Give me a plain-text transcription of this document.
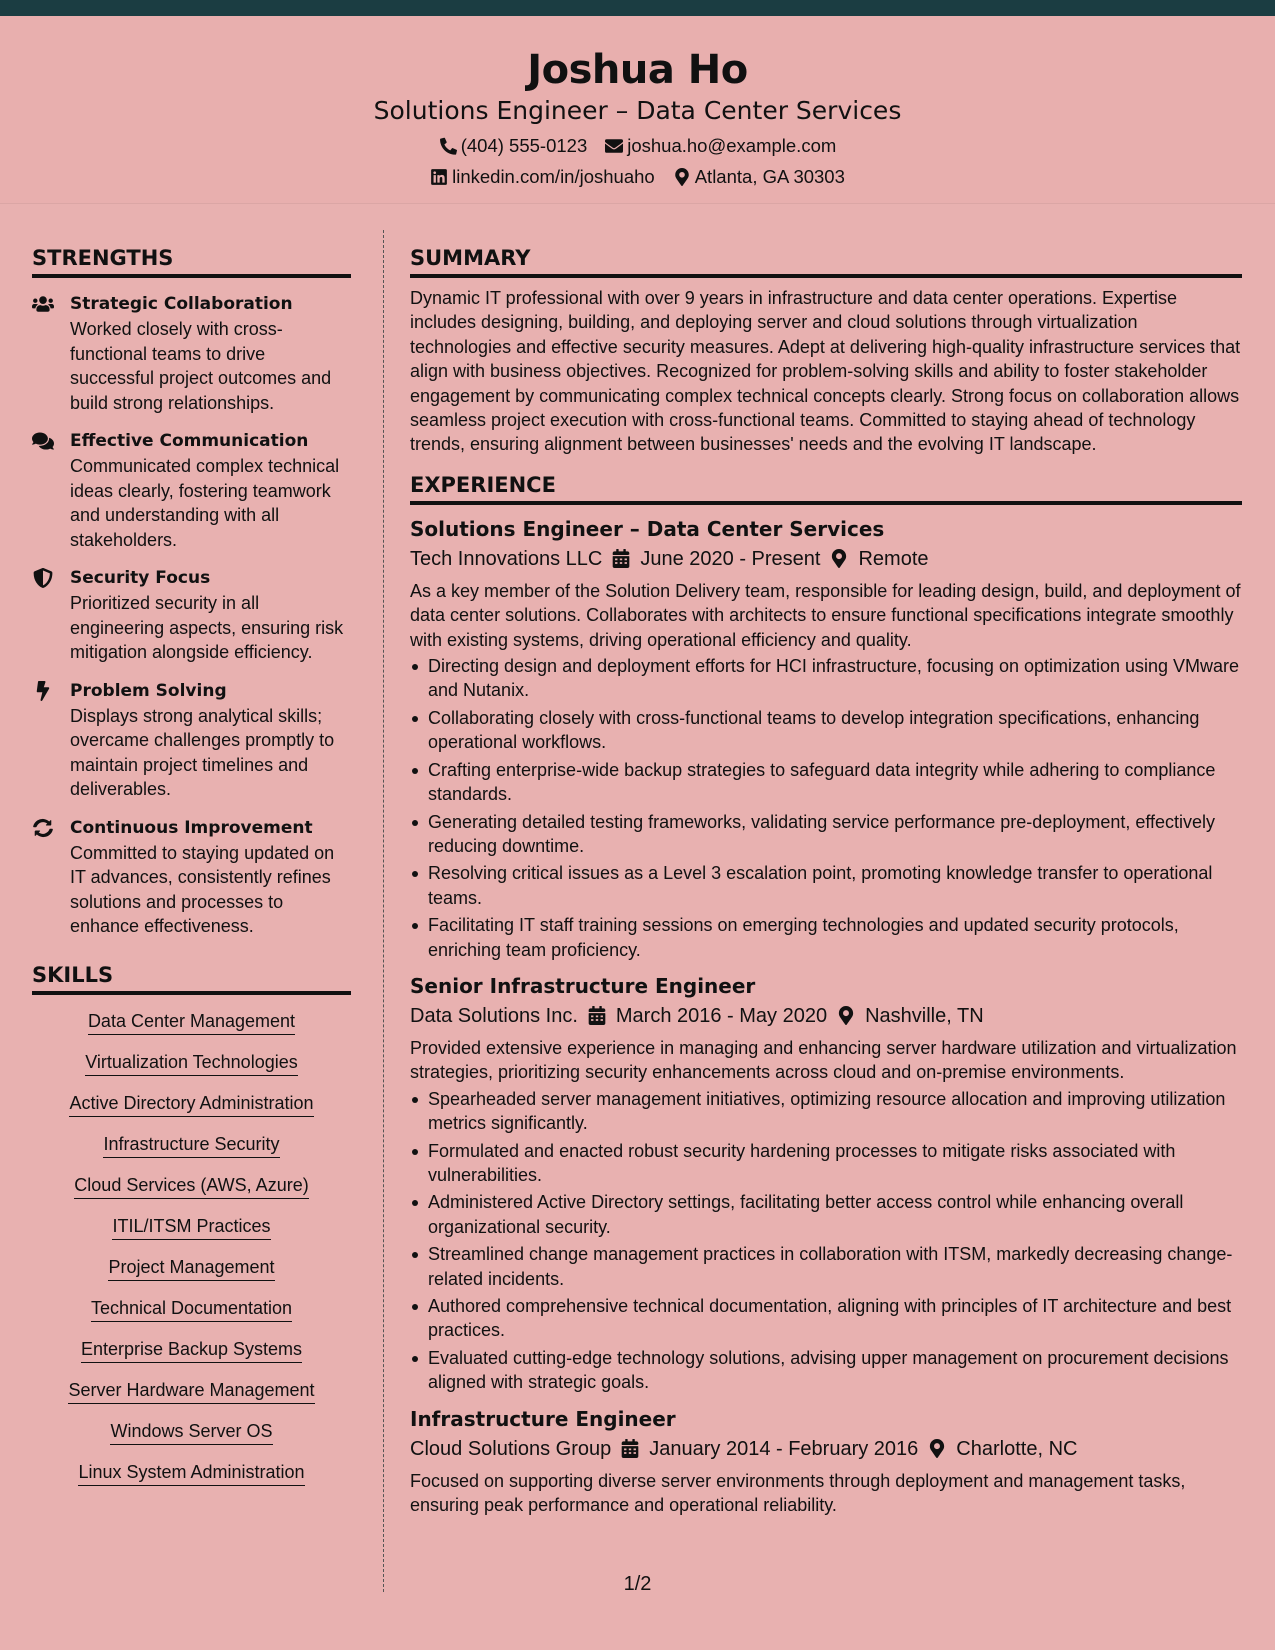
Joshua Ho
Solutions Engineer – Data Center Services
(404) 555-0123 joshua.ho@example.com
linkedin.com/in/joshuaho Atlanta, GA 30303
STRENGTHS
Strategic Collaboration
Worked closely with cross-functional teams to drive successful project outcomes and build strong relationships.
Effective Communication
Communicated complex technical ideas clearly, fostering teamwork and understanding with all stakeholders.
Security Focus
Prioritized security in all engineering aspects, ensuring risk mitigation alongside efficiency.
Problem Solving
Displays strong analytical skills; overcame challenges promptly to maintain project timelines and deliverables.
Continuous Improvement
Committed to staying updated on IT advances, consistently refines solutions and processes to enhance effectiveness.
SKILLS
Data Center Management
Virtualization Technologies
Active Directory Administration
Infrastructure Security
Cloud Services (AWS, Azure)
ITIL/ITSM Practices
Project Management
Technical Documentation
Enterprise Backup Systems
Server Hardware Management
Windows Server OS
Linux System Administration
SUMMARY
Dynamic IT professional with over 9 years in infrastructure and data center operations. Expertise includes designing, building, and deploying server and cloud solutions through virtualization technologies and effective security measures. Adept at delivering high-quality infrastructure services that align with business objectives. Recognized for problem-solving skills and ability to foster stakeholder engagement by communicating complex technical concepts clearly. Strong focus on collaboration allows seamless project execution with cross-functional teams. Committed to staying ahead of technology trends, ensuring alignment between businesses' needs and the evolving IT landscape.
EXPERIENCE
Solutions Engineer – Data Center Services
Tech Innovations LLC June 2020 - Present Remote
As a key member of the Solution Delivery team, responsible for leading design, build, and deployment of data center solutions. Collaborates with architects to ensure functional specifications integrate smoothly with existing systems, driving operational efficiency and quality.
Directing design and deployment efforts for HCI infrastructure, focusing on optimization using VMware and Nutanix.
Collaborating closely with cross-functional teams to develop integration specifications, enhancing operational workflows.
Crafting enterprise-wide backup strategies to safeguard data integrity while adhering to compliance standards.
Generating detailed testing frameworks, validating service performance pre-deployment, effectively reducing downtime.
Resolving critical issues as a Level 3 escalation point, promoting knowledge transfer to operational teams.
Facilitating IT staff training sessions on emerging technologies and updated security protocols, enriching team proficiency.
Senior Infrastructure Engineer
Data Solutions Inc. March 2016 - May 2020 Nashville, TN
Provided extensive experience in managing and enhancing server hardware utilization and virtualization strategies, prioritizing security enhancements across cloud and on-premise environments.
Spearheaded server management initiatives, optimizing resource allocation and improving utilization metrics significantly.
Formulated and enacted robust security hardening processes to mitigate risks associated with vulnerabilities.
Administered Active Directory settings, facilitating better access control while enhancing overall organizational security.
Streamlined change management practices in collaboration with ITSM, markedly decreasing change-related incidents.
Authored comprehensive technical documentation, aligning with principles of IT architecture and best practices.
Evaluated cutting-edge technology solutions, advising upper management on procurement decisions aligned with strategic goals.
Infrastructure Engineer
Cloud Solutions Group January 2014 - February 2016 Charlotte, NC
Focused on supporting diverse server environments through deployment and management tasks, ensuring peak performance and operational reliability.
1/2
